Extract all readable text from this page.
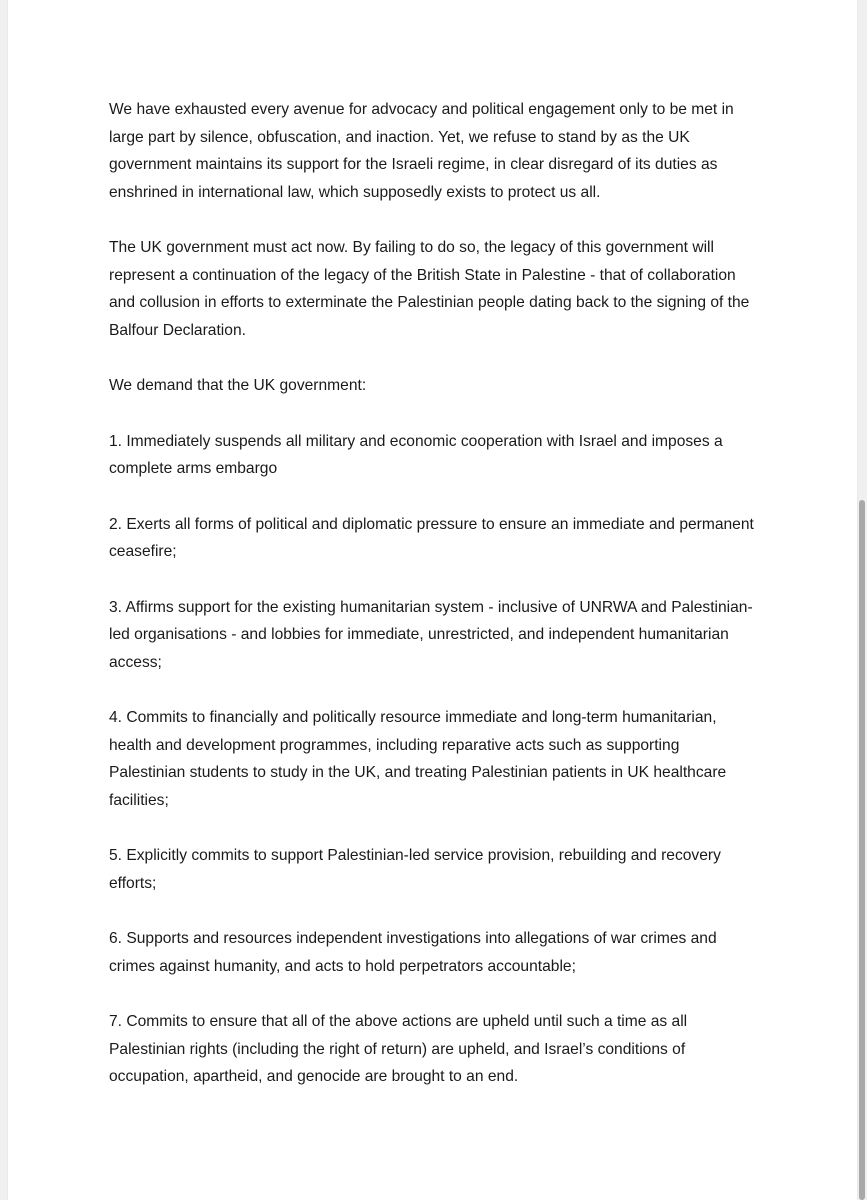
We have exhausted every avenue for advocacy and political engagement only to be met in large part by silence, obfuscation, and inaction. Yet, we refuse to stand by as the UK government maintains its support for the Israeli regime, in clear disregard of its duties as enshrined in international law, which supposedly exists to protect us all.

The UK government must act now. By failing to do so, the legacy of this government will represent a continuation of the legacy of the British State in Palestine - that of collaboration and collusion in efforts to exterminate the Palestinian people dating back to the signing of the Balfour Declaration.

We demand that the UK government:

1. Immediately suspends all military and economic cooperation with Israel and imposes a complete arms embargo

2. Exerts all forms of political and diplomatic pressure to ensure an immediate and permanent ceasefire;

3. Affirms support for the existing humanitarian system - inclusive of UNRWA and Palestinian-led organisations - and lobbies for immediate, unrestricted, and independent humanitarian access;

4. Commits to financially and politically resource immediate and long-term humanitarian, health and development programmes, including reparative acts such as supporting Palestinian students to study in the UK, and treating Palestinian patients in UK healthcare facilities;

5. Explicitly commits to support Palestinian-led service provision, rebuilding and recovery efforts;

6. Supports and resources independent investigations into allegations of war crimes and crimes against humanity, and acts to hold perpetrators accountable;

7. Commits to ensure that all of the above actions are upheld until such a time as all Palestinian rights (including the right of return) are upheld, and Israel’s conditions of occupation, apartheid, and genocide are brought to an end.
